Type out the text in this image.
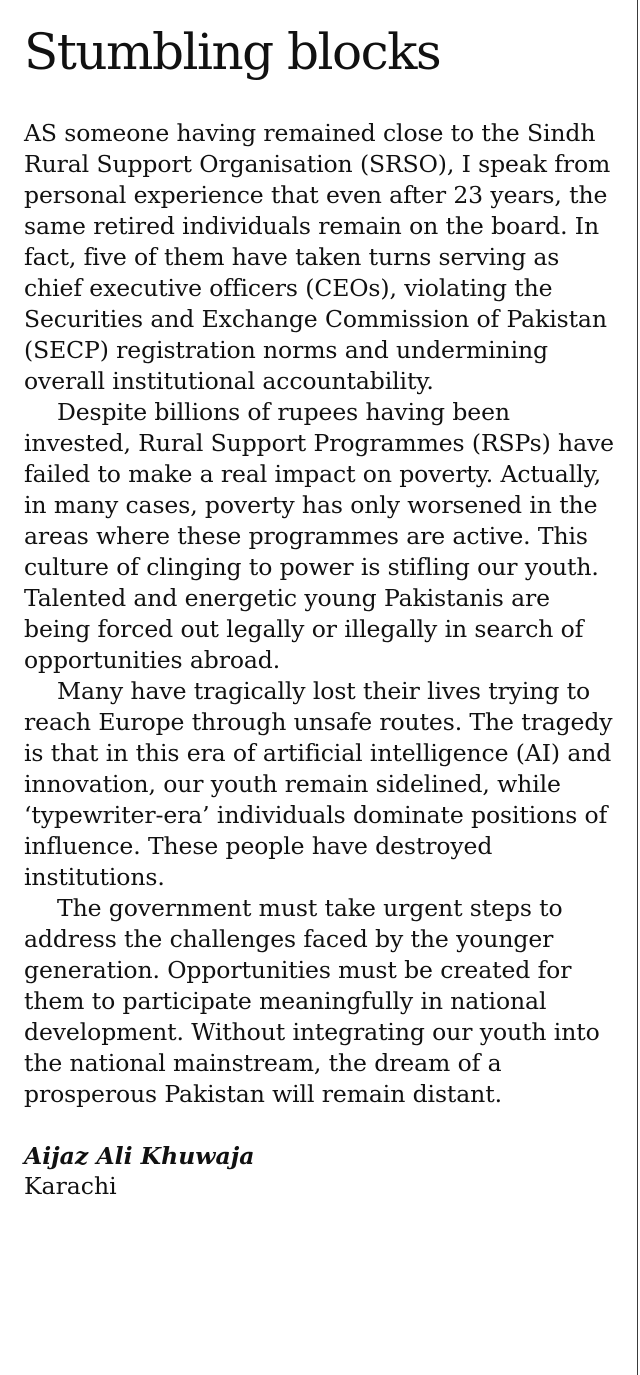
Stumbling blocks

AS someone having remained close to the Sindh Rural Support Organisation (SRSO), I speak from personal experience that even after 23 years, the same retired individuals remain on the board. In fact, five of them have taken turns serving as chief executive officers (CEOs), violating the Securities and Exchange Commission of Pakistan (SECP) registration norms and undermining overall institutional accountability.

Despite billions of rupees having been invested, Rural Support Programmes (RSPs) have failed to make a real impact on poverty. Actually, in many cases, poverty has only worsened in the areas where these programmes are active. This culture of clinging to power is stifling our youth. Talented and energetic young Pakistanis are being forced out legally or illegally in search of opportunities abroad.

Many have tragically lost their lives trying to reach Europe through unsafe routes. The tragedy is that in this era of artificial intelligence (AI) and innovation, our youth remain sidelined, while ‘typewriter-era’ individuals dominate positions of influence. These people have destroyed institutions.

The government must take urgent steps to address the challenges faced by the younger generation. Opportunities must be created for them to participate meaningfully in national development. Without integrating our youth into the national mainstream, the dream of a prosperous Pakistan will remain distant.

Aijaz Ali Khuwaja
Karachi
